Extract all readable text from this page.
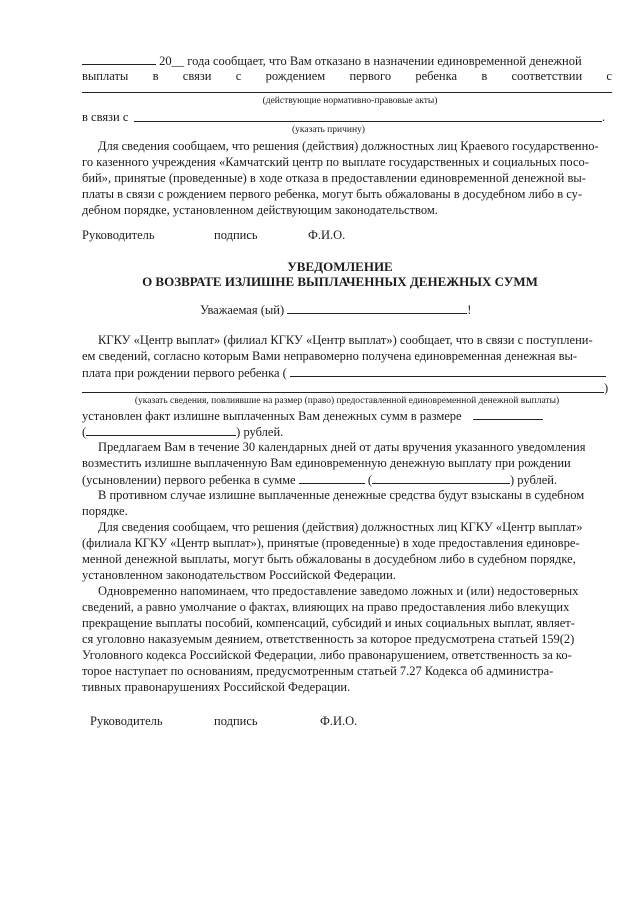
20__ года сообщает, что Вам отказано в назначении единовременной денежной
выплаты в связи с рождением первого ребенка в соответствии с
(действующие нормативно-правовые акты)
в связи с	.
(указать причину)
Для сведения сообщаем, что решения (действия) должностных лиц Краевого государственно-
го казенного учреждения «Камчатский центр по выплате государственных и социальных посо-
бий», принятые (проведенные) в ходе отказа в предоставлении единовременной денежной вы-
платы в связи с рождением первого ребенка, могут быть обжалованы в досудебном либо в су-
дебном порядке, установленном действующим законодательством.
Руководитель	подпись	Ф.И.О.
УВЕДОМЛЕНИЕ
О ВОЗВРАТЕ ИЗЛИШНЕ ВЫПЛАЧЕННЫХ ДЕНЕЖНЫХ СУММ
Уважаемая (ый)	!
КГКУ «Центр выплат» (филиал КГКУ «Центр выплат») сообщает, что в связи с поступлени-
ем сведений, согласно которым Вами неправомерно получена единовременная денежная вы-
плата при рождении первого ребенка (
)
(указать сведения, повлиявшие на размер (право) предоставленной единовременной денежной выплаты)
установлен факт излишне выплаченных Вам денежных сумм в размере
(	) рублей.
Предлагаем Вам в течение 30 календарных дней от даты вручения указанного уведомления
возместить излишне выплаченную Вам единовременную денежную выплату при рождении
(усыновлении) первого ребенка в сумме	(	) рублей.
В противном случае излишне выплаченные денежные средства будут взысканы в судебном
порядке.
Для сведения сообщаем, что решения (действия) должностных лиц КГКУ «Центр выплат»
(филиала КГКУ «Центр выплат»), принятые (проведенные) в ходе предоставления единовре-
менной денежной выплаты, могут быть обжалованы в досудебном либо в судебном порядке,
установленном законодательством Российской Федерации.
Одновременно напоминаем, что предоставление заведомо ложных и (или) недостоверных
сведений, а равно умолчание о фактах, влияющих на право предоставления либо влекущих
прекращение выплаты пособий, компенсаций, субсидий и иных социальных выплат, являет-
ся уголовно наказуемым деянием, ответственность за которое предусмотрена статьей 159(2)
Уголовного кодекса Российской Федерации, либо правонарушением, ответственность за ко-
торое наступает по основаниям, предусмотренным статьей 7.27 Кодекса об администра-
тивных правонарушениях Российской Федерации.
Руководитель	подпись	Ф.И.О.
